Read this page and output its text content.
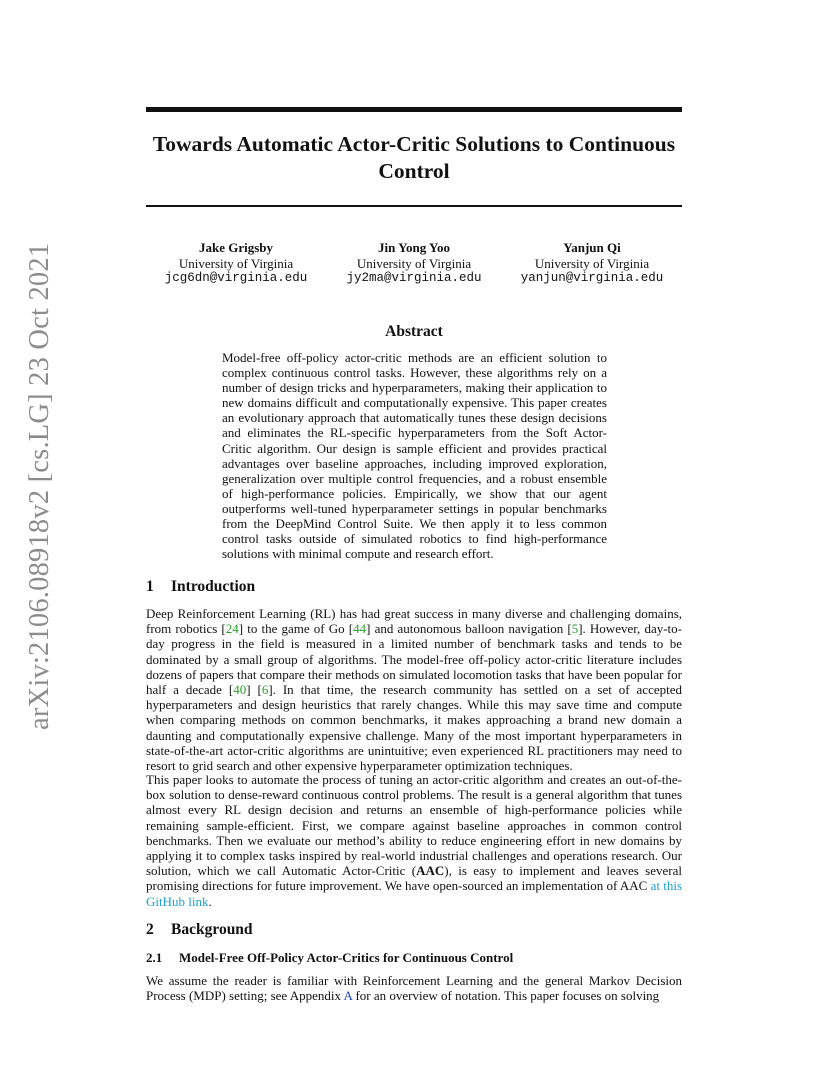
arXiv:2106.08918v2 [cs.LG] 23 Oct 2021
Towards Automatic Actor-Critic Solutions to Continuous Control
Jake Grigsby
University of Virginia
jcg6dn@virginia.edu
Jin Yong Yoo
University of Virginia
jy2ma@virginia.edu
Yanjun Qi
University of Virginia
yanjun@virginia.edu
Abstract
Model-free off-policy actor-critic methods are an efficient solution to complex continuous control tasks. However, these algorithms rely on a number of design tricks and hyperparameters, making their application to new domains difficult and computationally expensive. This paper creates an evolutionary approach that automatically tunes these design decisions and eliminates the RL-specific hyperparameters from the Soft Actor-Critic algorithm. Our design is sample efficient and provides practical advantages over baseline approaches, including improved exploration, generalization over multiple control frequencies, and a robust ensemble of high-performance policies. Empirically, we show that our agent outperforms well-tuned hyperparameter settings in popular benchmarks from the DeepMind Control Suite. We then apply it to less common control tasks outside of simulated robotics to find high-performance solutions with minimal compute and research effort.
1 Introduction
Deep Reinforcement Learning (RL) has had great success in many diverse and challenging domains, from robotics [24] to the game of Go [44] and autonomous balloon navigation [5]. However, day-to-day progress in the field is measured in a limited number of benchmark tasks and tends to be dominated by a small group of algorithms. The model-free off-policy actor-critic literature includes dozens of papers that compare their methods on simulated locomotion tasks that have been popular for half a decade [40] [6]. In that time, the research community has settled on a set of accepted hyperparameters and design heuristics that rarely changes. While this may save time and compute when comparing methods on common benchmarks, it makes approaching a brand new domain a daunting and computationally expensive challenge. Many of the most important hyperparameters in state-of-the-art actor-critic algorithms are unintuitive; even experienced RL practitioners may need to resort to grid search and other expensive hyperparameter optimization techniques.
This paper looks to automate the process of tuning an actor-critic algorithm and creates an out-of-the-box solution to dense-reward continuous control problems. The result is a general algorithm that tunes almost every RL design decision and returns an ensemble of high-performance policies while remaining sample-efficient. First, we compare against baseline approaches in common control benchmarks. Then we evaluate our method’s ability to reduce engineering effort in new domains by applying it to complex tasks inspired by real-world industrial challenges and operations research. Our solution, which we call Automatic Actor-Critic (AAC), is easy to implement and leaves several promising directions for future improvement. We have open-sourced an implementation of AAC at this GitHub link.
2 Background
2.1 Model-Free Off-Policy Actor-Critics for Continuous Control
We assume the reader is familiar with Reinforcement Learning and the general Markov Decision Process (MDP) setting; see Appendix A for an overview of notation. This paper focuses on solving
